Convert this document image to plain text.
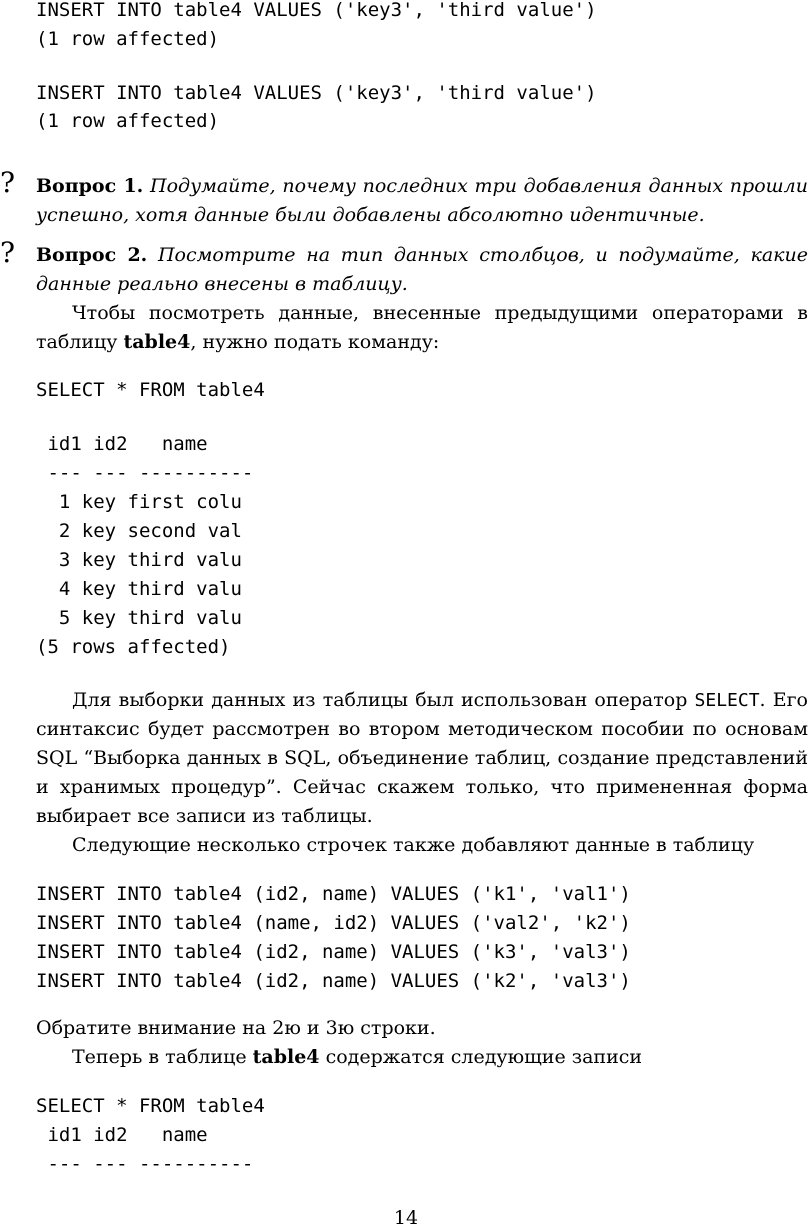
INSERT INTO table4 VALUES ('key3', 'third value')
(1 row affected)
INSERT INTO table4 VALUES ('key3', 'third value')
(1 row affected)
? Вопрос 1. Подумайте, почему последних три добавления данных прошли успешно, хотя данные были добавлены абсолютно идентичные.

? Вопрос 2. Посмотрите на тип данных столбцов, и подумайте, какие данные реально внесены в таблицу.

Чтобы посмотреть данные, внесенные предыдущими операторами в таблицу table4, нужно подать команду:

SELECT * FROM table4
id1 id2   name
--- --- ----------
1 key first colu
2 key second val
3 key third valu
4 key third valu
5 key third valu
(5 rows affected)

Для выборки данных из таблицы был использован оператор SELECT. Его синтаксис будет рассмотрен во втором методическом пособии по основам SQL “Выборка данных в SQL, объединение таблиц, создание представлений и хранимых процедур”. Сейчас скажем только, что примененная форма выбирает все записи из таблицы.

Следующие несколько строчек также добавляют данные в таблицу

INSERT INTO table4 (id2, name) VALUES ('k1', 'val1')
INSERT INTO table4 (name, id2) VALUES ('val2', 'k2')
INSERT INTO table4 (id2, name) VALUES ('k3', 'val3')
INSERT INTO table4 (id2, name) VALUES ('k2', 'val3')

Обратите внимание на 2ю и 3ю строки.

Теперь в таблице table4 содержатся следующие записи

SELECT * FROM table4
id1 id2   name
--- --- ----------
14
